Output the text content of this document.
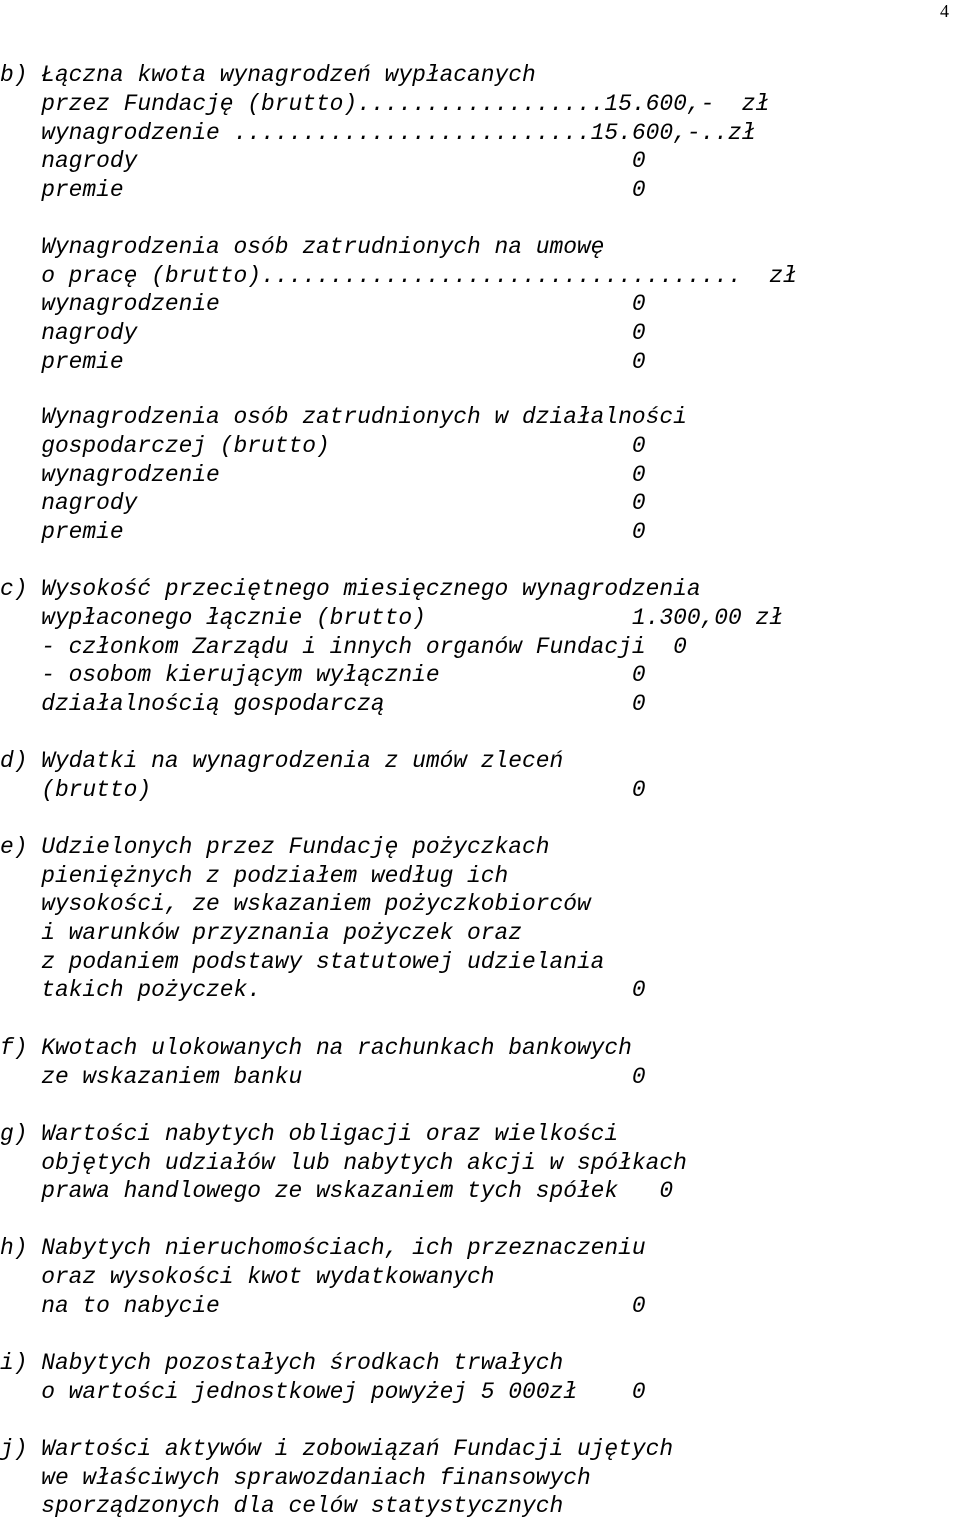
4
b) Łączna kwota wynagrodzeń wypłacanych
przez Fundację (brutto)..................15.600,-  zł
wynagrodzenie ..........................15.600,-..zł
nagrody                                    0
premie                                     0
Wynagrodzenia osób zatrudnionych na umowę
o pracę (brutto)...................................  zł
wynagrodzenie                              0
nagrody                                    0
premie                                     0
Wynagrodzenia osób zatrudnionych w działalności
gospodarczej (brutto)                      0
wynagrodzenie                              0
nagrody                                    0
premie                                     0
c) Wysokość przeciętnego miesięcznego wynagrodzenia
wypłaconego łącznie (brutto)               1.300,00 zł
- członkom Zarządu i innych organów Fundacji  0
- osobom kierującym wyłącznie              0
działalnością gospodarczą                  0
d) Wydatki na wynagrodzenia z umów zleceń
(brutto)                                   0
e) Udzielonych przez Fundację pożyczkach
pieniężnych z podziałem według ich
wysokości, ze wskazaniem pożyczkobiorców
i warunków przyznania pożyczek oraz
z podaniem podstawy statutowej udzielania
takich pożyczek.                           0
f) Kwotach ulokowanych na rachunkach bankowych
ze wskazaniem banku                        0
g) Wartości nabytych obligacji oraz wielkości
objętych udziałów lub nabytych akcji w spółkach
prawa handlowego ze wskazaniem tych spółek   0
h) Nabytych nieruchomościach, ich przeznaczeniu
oraz wysokości kwot wydatkowanych
na to nabycie                              0
i) Nabytych pozostałych środkach trwałych
o wartości jednostkowej powyżej 5 000zł    0
j) Wartości aktywów i zobowiązań Fundacji ujętych
we właściwych sprawozdaniach finansowych
sporządzonych dla celów statystycznych
